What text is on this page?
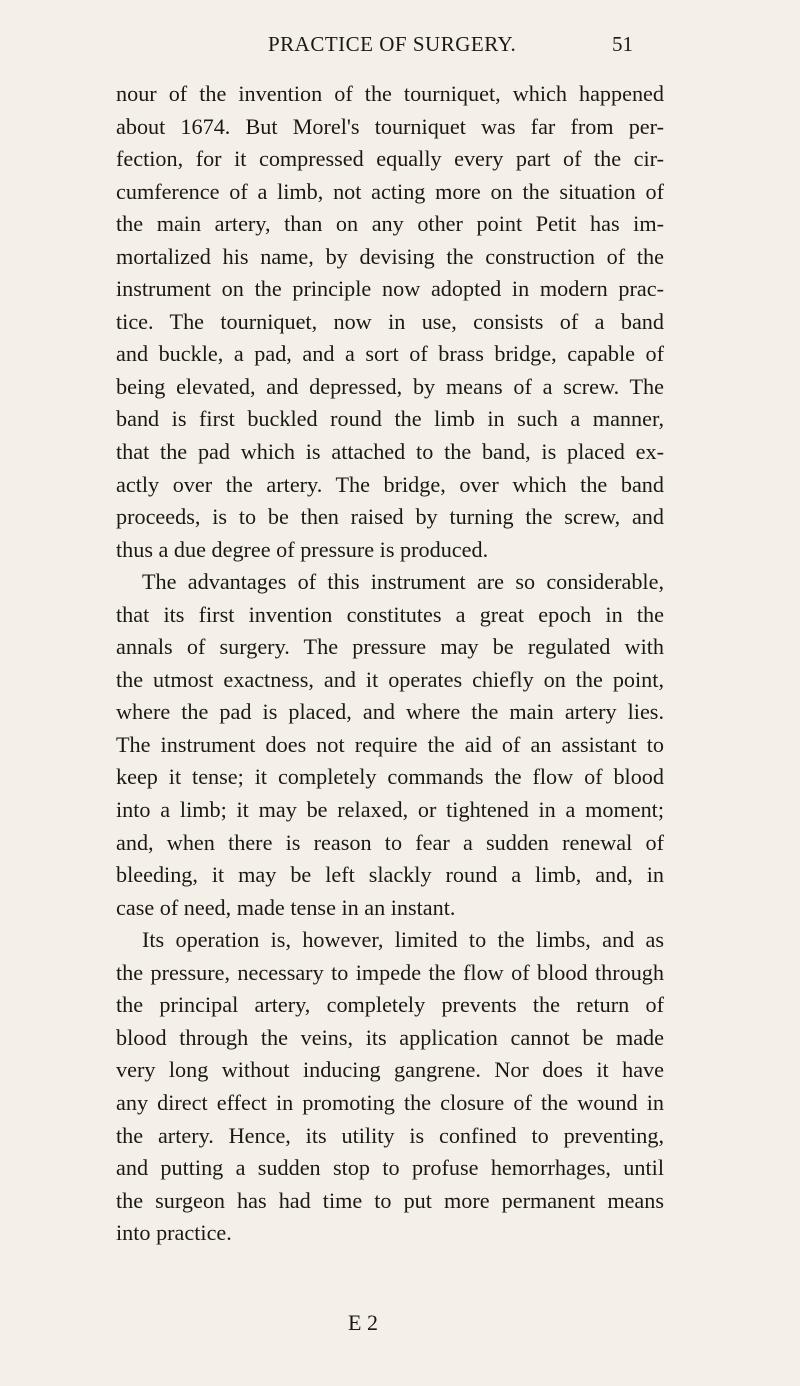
PRACTICE OF SURGERY.	51
nour of the invention of the tourniquet, which happened
about 1674. But Morel's tourniquet was far from per-
fection, for it compressed equally every part of the cir-
cumference of a limb, not acting more on the situation of
the main artery, than on any other point Petit has im-
mortalized his name, by devising the construction of the
instrument on the principle now adopted in modern prac-
tice. The tourniquet, now in use, consists of a band
and buckle, a pad, and a sort of brass bridge, capable of
being elevated, and depressed, by means of a screw. The
band is first buckled round the limb in such a manner,
that the pad which is attached to the band, is placed ex-
actly over the artery. The bridge, over which the band
proceeds, is to be then raised by turning the screw, and
thus a due degree of pressure is produced.
The advantages of this instrument are so considerable,
that its first invention constitutes a great epoch in the
annals of surgery. The pressure may be regulated with
the utmost exactness, and it operates chiefly on the point,
where the pad is placed, and where the main artery lies.
The instrument does not require the aid of an assistant to
keep it tense; it completely commands the flow of blood
into a limb; it may be relaxed, or tightened in a moment;
and, when there is reason to fear a sudden renewal of
bleeding, it may be left slackly round a limb, and, in
case of need, made tense in an instant.
Its operation is, however, limited to the limbs, and as
the pressure, necessary to impede the flow of blood through
the principal artery, completely prevents the return of
blood through the veins, its application cannot be made
very long without inducing gangrene. Nor does it have
any direct effect in promoting the closure of the wound in
the artery. Hence, its utility is confined to preventing,
and putting a sudden stop to profuse hemorrhages, until
the surgeon has had time to put more permanent means
into practice.
E 2
